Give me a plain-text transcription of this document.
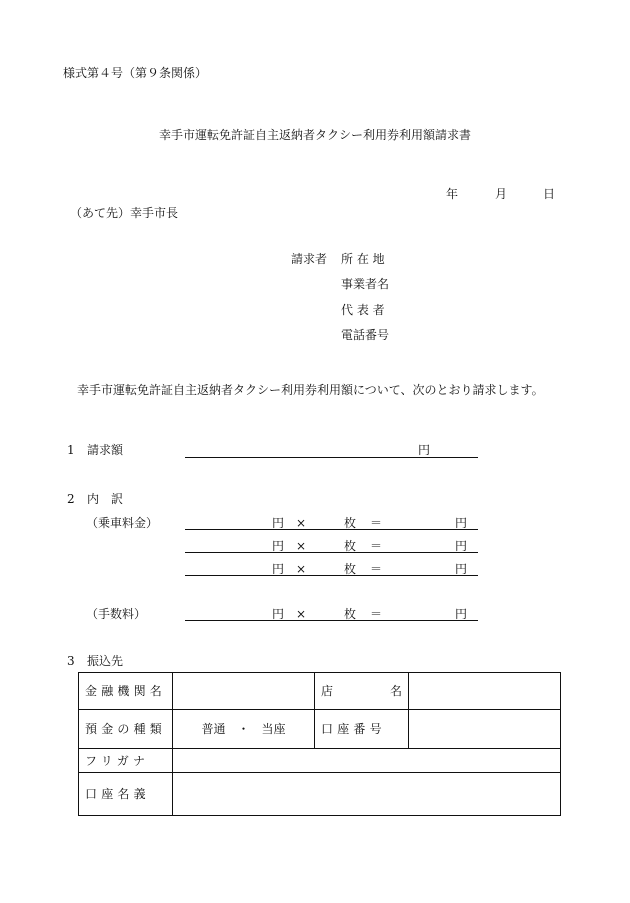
様式第４号（第９条関係）
幸手市運転免許証自主返納者タクシー利用券利用額請求書
年	月	日
（あて先）幸手市長
請求者 所 在 地
事業者名
代 表 者
電話番号
幸手市運転免許証自主返納者タクシー利用券利用額について、次のとおり請求します。
1 請求額	円
2 内　訳
（乗車料金）	円 ×	枚 ＝	円
円 ×	枚 ＝	円
円 ×	枚 ＝	円
（手数料）	円 ×	枚 ＝	円
3 振込先
金融機関名		店 名	

預金の種類	普通　・　当座	口座番号	
フリガナ			
口座名義			
